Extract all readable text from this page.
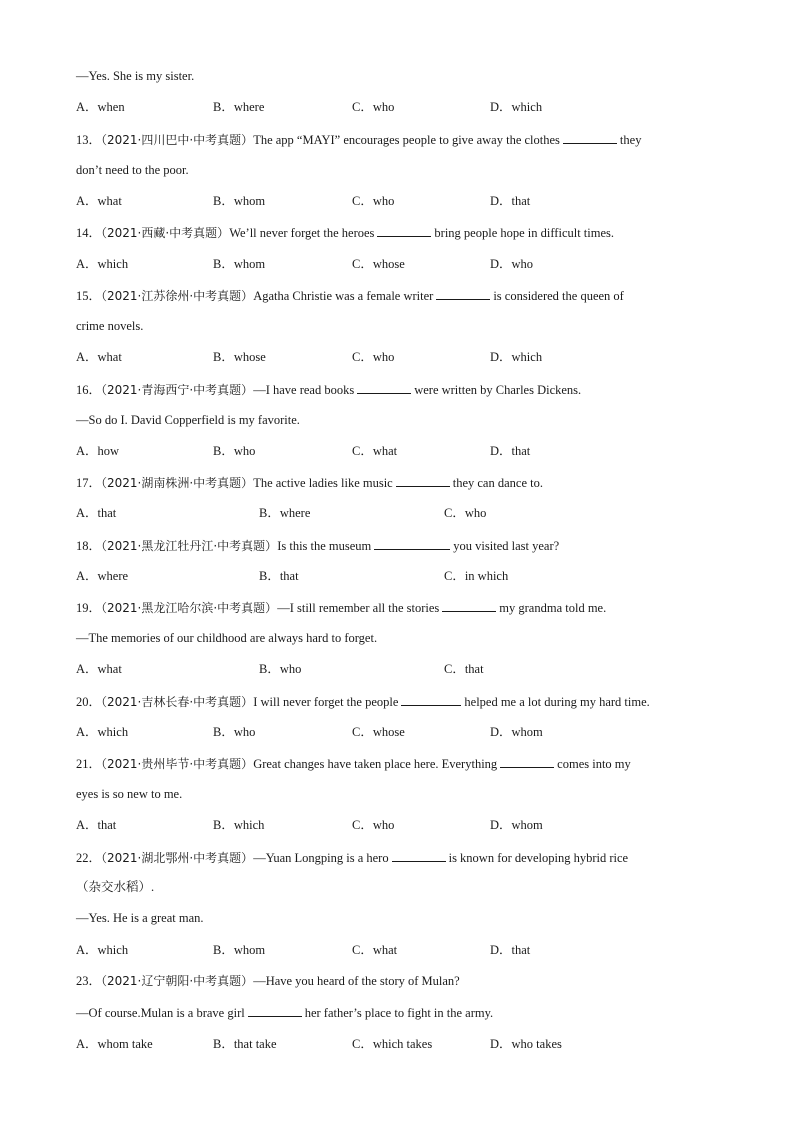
—Yes. She is my sister.
A．when	B．where	C．who	D．which
13．（2021·四川巴中·中考真题）The app “MAYI” encourages people to give away the clothes	they
don’t need to the poor.
A．what	B．whom	C．who	D．that
14．（2021·西藏·中考真题）We’ll never forget the heroes	bring people hope in difficult times.
A．which	B．whom	C．whose	D．who
15．（2021·江苏徐州·中考真题）Agatha Christie was a female writer	is considered the queen of
crime novels.
A．what	B．whose	C．who	D．which
16．（2021·青海西宁·中考真题）—I have read books	were written by Charles Dickens.
—So do I. David Copperfield is my favorite.
A．how	B．who	C．what	D．that
17．（2021·湖南株洲·中考真题）The active ladies like music	they can dance to.
A．that	B．where	C．who
18．（2021·黑龙江牡丹江·中考真题）Is this the museum	you visited last year?
A．where	B．that	C．in which
19．（2021·黑龙江哈尔滨·中考真题）—I still remember all the stories	my grandma told me.
—The memories of our childhood are always hard to forget.
A．what	B．who	C．that
20．（2021·吉林长春·中考真题）I will never forget the people	helped me a lot during my hard time.
A．which	B．who	C．whose	D．whom
21．（2021·贵州毕节·中考真题）Great changes have taken place here. Everything	comes into my
eyes is so new to me.
A．that	B．which	C．who	D．whom
22．（2021·湖北鄂州·中考真题）—Yuan Longping is a hero	is known for developing hybrid rice
（杂交水稻）.
—Yes. He is a great man.
A．which	B．whom	C．what	D．that
23．（2021·辽宁朝阳·中考真题）—Have you heard of the story of Mulan?
—Of course.Mulan is a brave girl	her father’s place to fight in the army.
A．whom take	B．that take	C．which takes	D．who takes
